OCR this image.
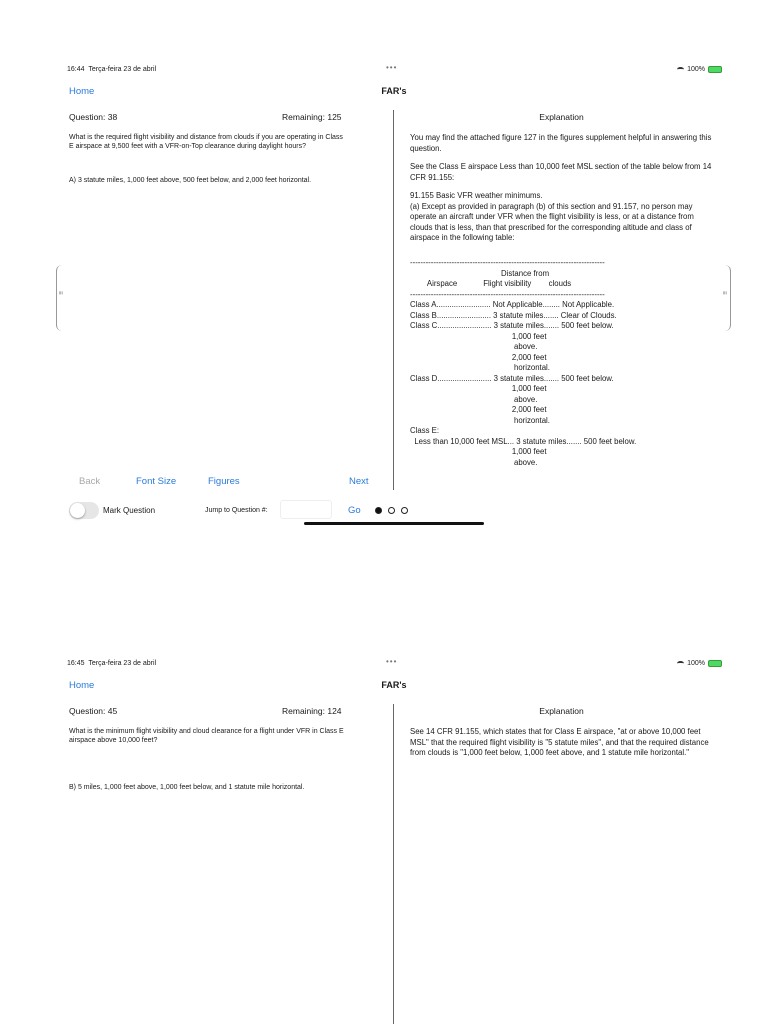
16:44 Terça-feira 23 de abril	•••	100%
Home	FAR's
Question: 38	Remaining: 125
What is the required flight visibility and distance from clouds if you are operating in Class E airspace at 9,500 feet with a VFR-on-Top clearance during daylight hours?
A) 3 statute miles, 1,000 feet above, 500 feet below, and 2,000 feet horizontal.
Explanation

You may find the attached figure 127 in the figures supplement helpful in answering this question.

See the Class E airspace Less than 10,000 feet MSL section of the table below from 14 CFR 91.155:

91.155 Basic VFR weather minimums.
(a) Except as provided in paragraph (b) of this section and 91.157, no person may operate an aircraft under VFR when the flight visibility is less, or at a distance from clouds that is less, than that prescribed for the corresponding altitude and class of airspace in the following table:

---------------------------------------------------------------------------
Distance from
Airspace            Flight visibility        clouds
---------------------------------------------------------------------------
Class A......................... Not Applicable........ Not Applicable.
Class B......................... 3 statute miles....... Clear of Clouds.
Class C......................... 3 statute miles....... 500 feet below.
1,000 feet
above.
2,000 feet
horizontal.
Class D......................... 3 statute miles....... 500 feet below.
1,000 feet
above.
2,000 feet
horizontal.
Class E:
Less than 10,000 feet MSL... 3 statute miles....... 500 feet below.
1,000 feet
above.
≡	≡
Back	Font Size	Figures	Next
Mark Question	Jump to Question #:	Go
16:45 Terça-feira 23 de abril	•••	100%
Home	FAR's
Question: 45	Remaining: 124
What is the minimum flight visibility and cloud clearance for a flight under VFR in Class E airspace above 10,000 feet?
B) 5 miles, 1,000 feet above, 1,000 feet below, and 1 statute mile horizontal.
Explanation

See 14 CFR 91.155, which states that for Class E airspace, "at or above 10,000 feet MSL" that the required flight visibility is "5 statute miles", and that the required distance from clouds is "1,000 feet below, 1,000 feet above, and 1 statute mile horizontal."
